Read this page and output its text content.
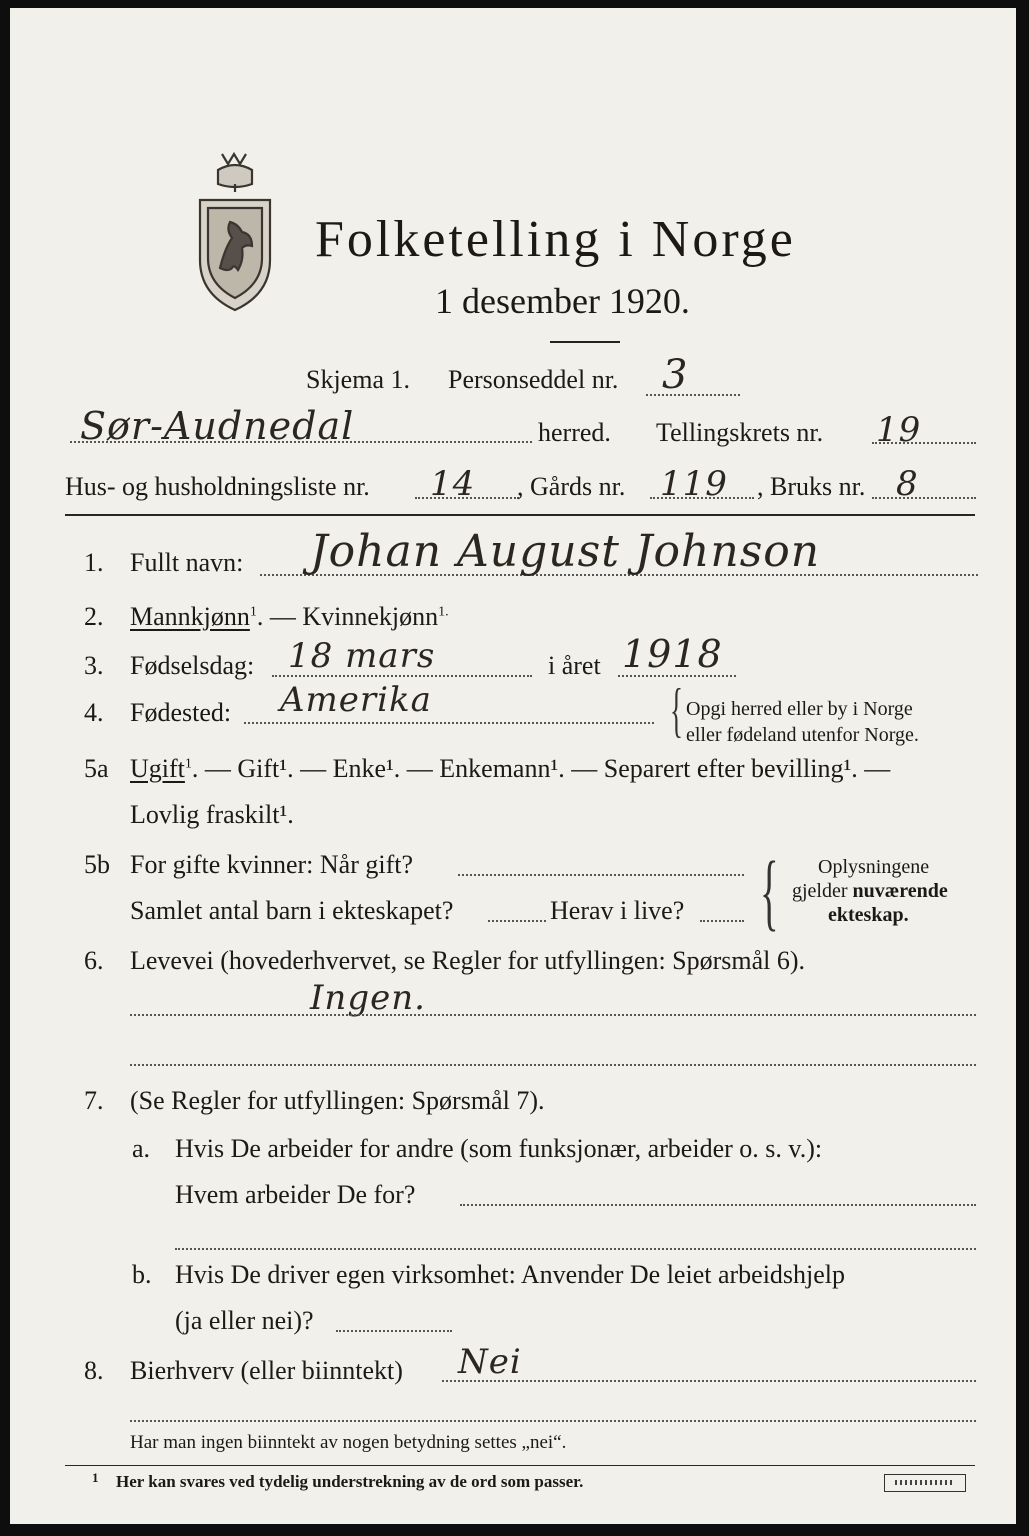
Folketelling i Norge
1 desember 1920.
Skjema 1. Personseddel nr. 3
Sør-Audnedal	herred. Tellingskrets nr. 19
Hus- og husholdningsliste nr. 14 , Gårds nr. 119 , Bruks nr. 8
1. Fullt navn: Johan August Johnson
2. Mannkjønn$^1$. — Kvinnekjønn$^{1.}$
3. Fødselsdag: 18 mars	i året 1918
4. Fødested: Amerika	{ Opgi herred eller by i Norge
eller fødeland utenfor Norge.
5a Ugift$^1$. — Gift¹. — Enke¹. — Enkemann¹. — Separert efter bevilling¹. —
Lovlig fraskilt¹.
5b For gifte kvinner: Når gift?
Samlet antal barn i ekteskapet?	Herav i live? { Oplysningene
gjelder nuværende
ekteskap.
6. Levevei (hovederhvervet, se Regler for utfyllingen: Spørsmål 6).
Ingen.
7. (Se Regler for utfyllingen: Spørsmål 7).
a. Hvis De arbeider for andre (som funksjonær, arbeider o. s. v.):
Hvem arbeider De for?
b. Hvis De driver egen virksomhet: Anvender De leiet arbeidshjelp
(ja eller nei)?
8. Bierhverv (eller biinntekt) Nei
Har man ingen biinntekt av nogen betydning settes „nei“.
1 Her kan svares ved tydelig understrekning av de ord som passer.
